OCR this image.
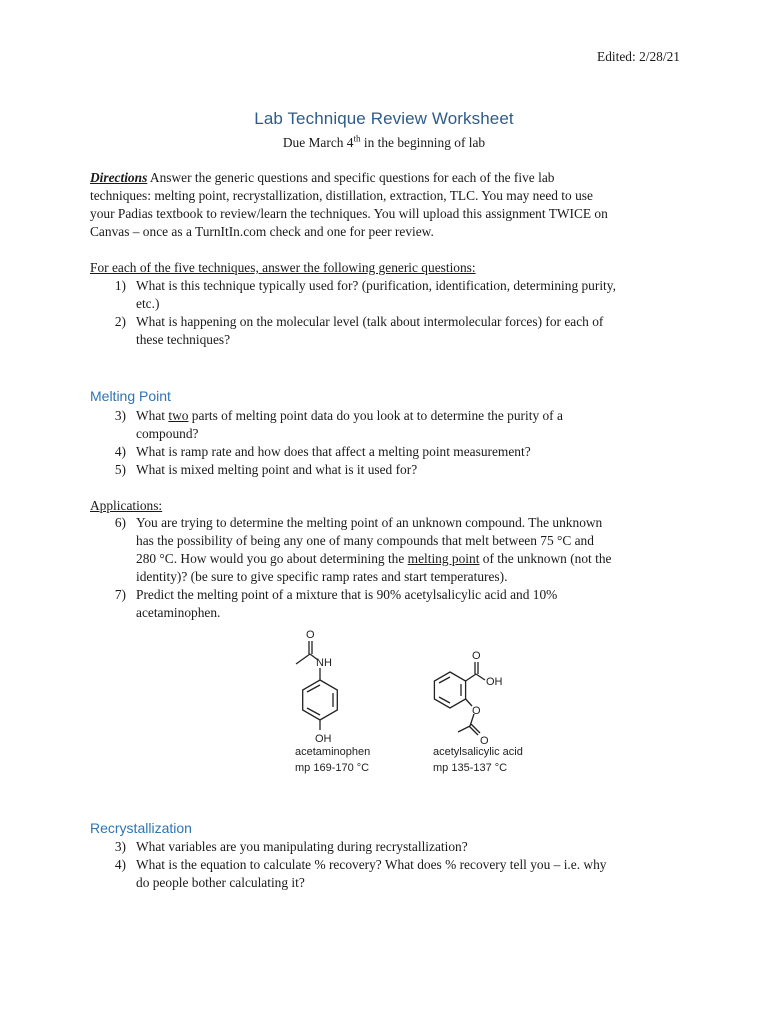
Edited: 2/28/21
Lab Technique Review Worksheet
Due March 4th in the beginning of lab
Directions Answer the generic questions and specific questions for each of the five lab
techniques: melting point, recrystallization, distillation, extraction, TLC. You may need to use
your Padias textbook to review/learn the techniques. You will upload this assignment TWICE on
Canvas – once as a TurnItIn.com check and one for peer review.
For each of the five techniques, answer the following generic questions:
1) What is this technique typically used for? (purification, identification, determining purity,
etc.)
2) What is happening on the molecular level (talk about intermolecular forces) for each of
these techniques?
Melting Point
3) What two parts of melting point data do you look at to determine the purity of a
compound?
4) What is ramp rate and how does that affect a melting point measurement?
5) What is mixed melting point and what is it used for?
Applications:
6) You are trying to determine the melting point of an unknown compound. The unknown
has the possibility of being any one of many compounds that melt between 75 °C and
280 °C. How would you go about determining the melting point of the unknown (not the
identity)? (be sure to give specific ramp rates and start temperatures).
7) Predict the melting point of a mixture that is 90% acetylsalicylic acid and 10%
acetaminophen.
O
NH
OH
acetaminophen
mp 169-170 °C
O
OH
O
O
acetylsalicylic acid
mp 135-137 °C
Recrystallization
3) What variables are you manipulating during recrystallization?
4) What is the equation to calculate % recovery? What does % recovery tell you – i.e. why
do people bother calculating it?
